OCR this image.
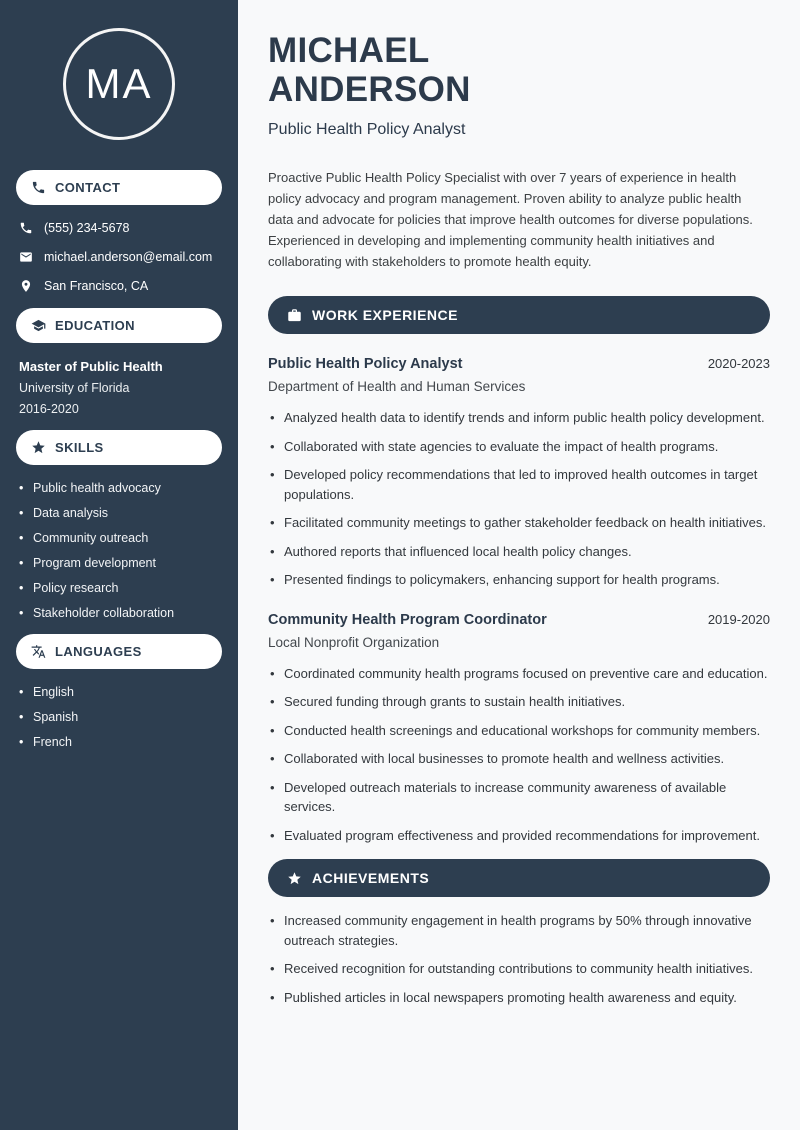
MA
CONTACT
(555) 234-5678
michael.anderson@email.com
San Francisco, CA
EDUCATION
Master of Public Health
University of Florida
2016-2020
SKILLS
• Public health advocacy
• Data analysis
• Community outreach
• Program development
• Policy research
• Stakeholder collaboration
LANGUAGES
• English
• Spanish
• French
MICHAEL
ANDERSON
Public Health Policy Analyst

Proactive Public Health Policy Specialist with over 7 years of experience in health policy advocacy and program management. Proven ability to analyze public health data and advocate for policies that improve health outcomes for diverse populations. Experienced in developing and implementing community health initiatives and collaborating with stakeholders to promote health equity.

WORK EXPERIENCE
Public Health Policy Analyst	2020-2023
Department of Health and Human Services
• Analyzed health data to identify trends and inform public health policy development.
• Collaborated with state agencies to evaluate the impact of health programs.
• Developed policy recommendations that led to improved health outcomes in target populations.
• Facilitated community meetings to gather stakeholder feedback on health initiatives.
• Authored reports that influenced local health policy changes.
• Presented findings to policymakers, enhancing support for health programs.
Community Health Program Coordinator	2019-2020
Local Nonprofit Organization
• Coordinated community health programs focused on preventive care and education.
• Secured funding through grants to sustain health initiatives.
• Conducted health screenings and educational workshops for community members.
• Collaborated with local businesses to promote health and wellness activities.
• Developed outreach materials to increase community awareness of available services.
• Evaluated program effectiveness and provided recommendations for improvement.
ACHIEVEMENTS
• Increased community engagement in health programs by 50% through innovative outreach strategies.
• Received recognition for outstanding contributions to community health initiatives.
• Published articles in local newspapers promoting health awareness and equity.
